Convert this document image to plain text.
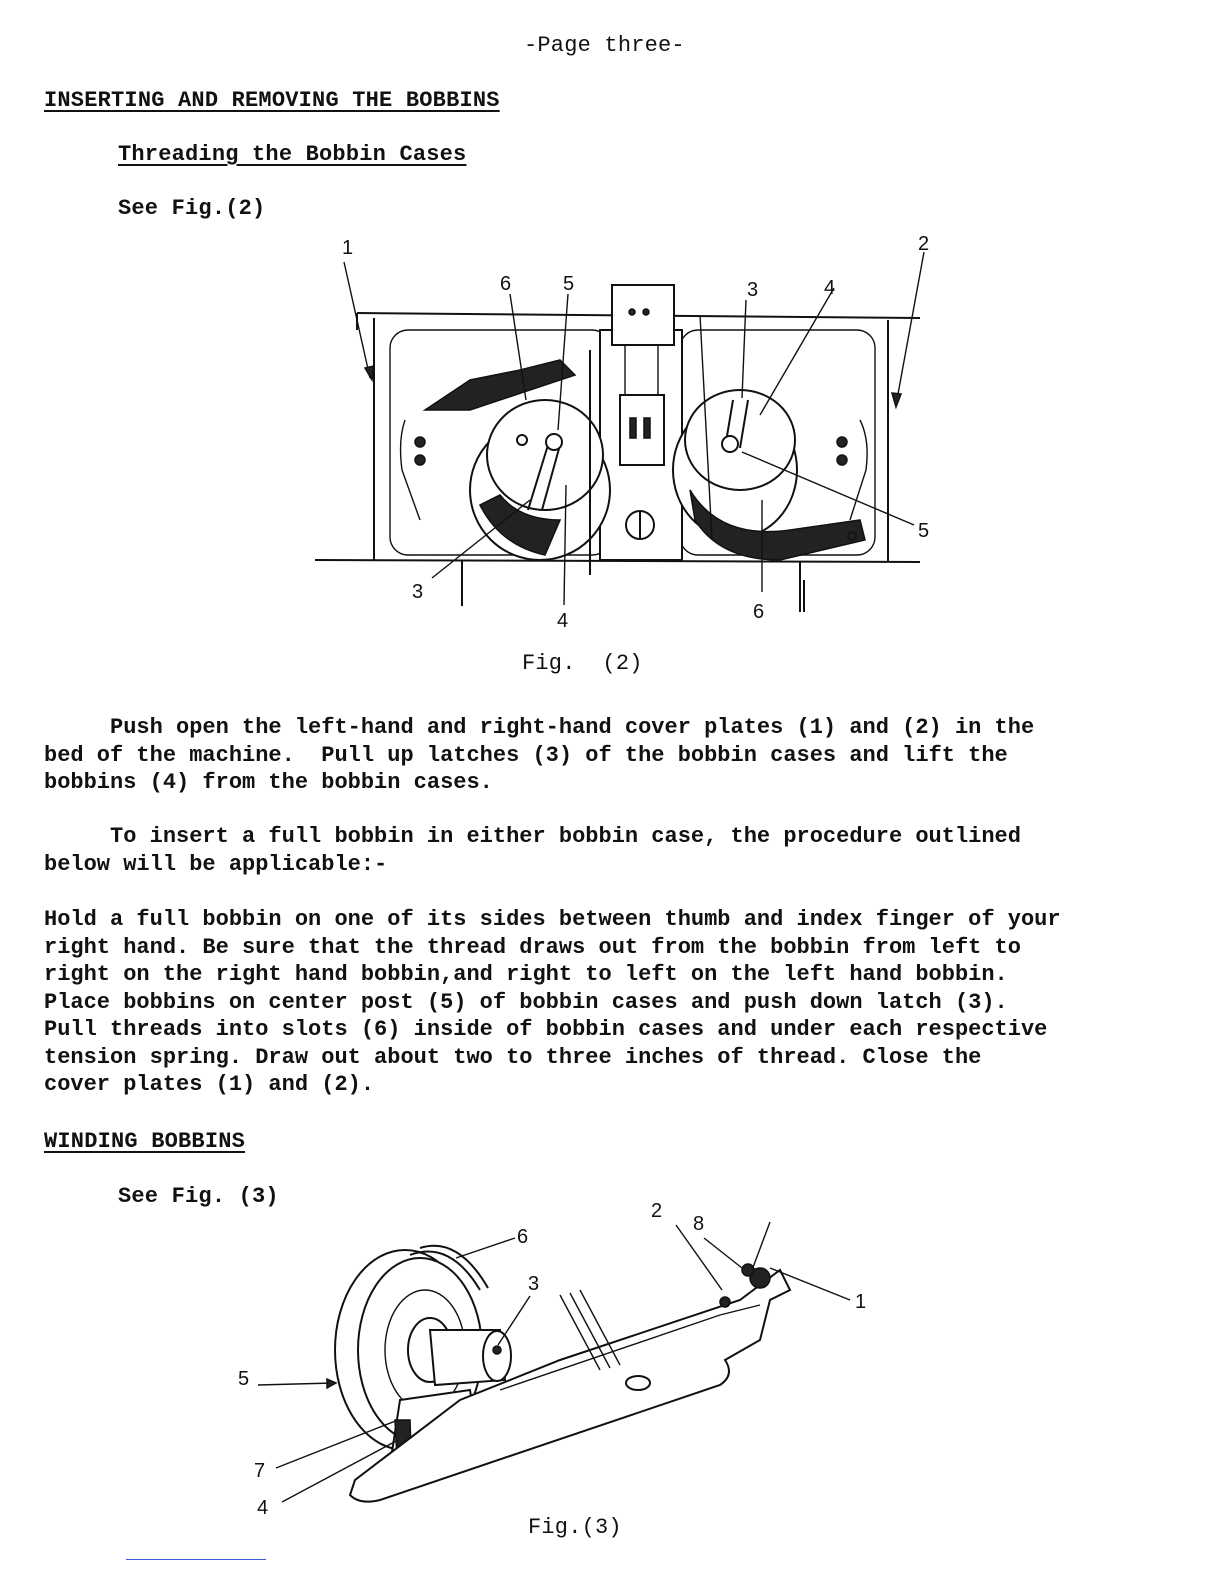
-Page three-
INSERTING AND REMOVING THE BOBBINS
Threading the Bobbin Cases
See Fig.(2)
1	2
6	5	3	4
5
3
4	6
Fig.  (2)
Push open the left-hand and right-hand cover plates (1) and (2) in the
bed of the machine.  Pull up latches (3) of the bobbin cases and lift the
bobbins (4) from the bobbin cases.
To insert a full bobbin in either bobbin case, the procedure outlined
below will be applicable:-
Hold a full bobbin on one of its sides between thumb and index finger of your
right hand. Be sure that the thread draws out from the bobbin from left to
right on the right hand bobbin,and right to left on the left hand bobbin.
Place bobbins on center post (5) of bobbin cases and push down latch (3).
Pull threads into slots (6) inside of bobbin cases and under each respective
tension spring. Draw out about two to three inches of thread. Close the
cover plates (1) and (2).
WINDING BOBBINS
See Fig. (3)
6
3
2
8
1
5
7
4
Fig.(3)
